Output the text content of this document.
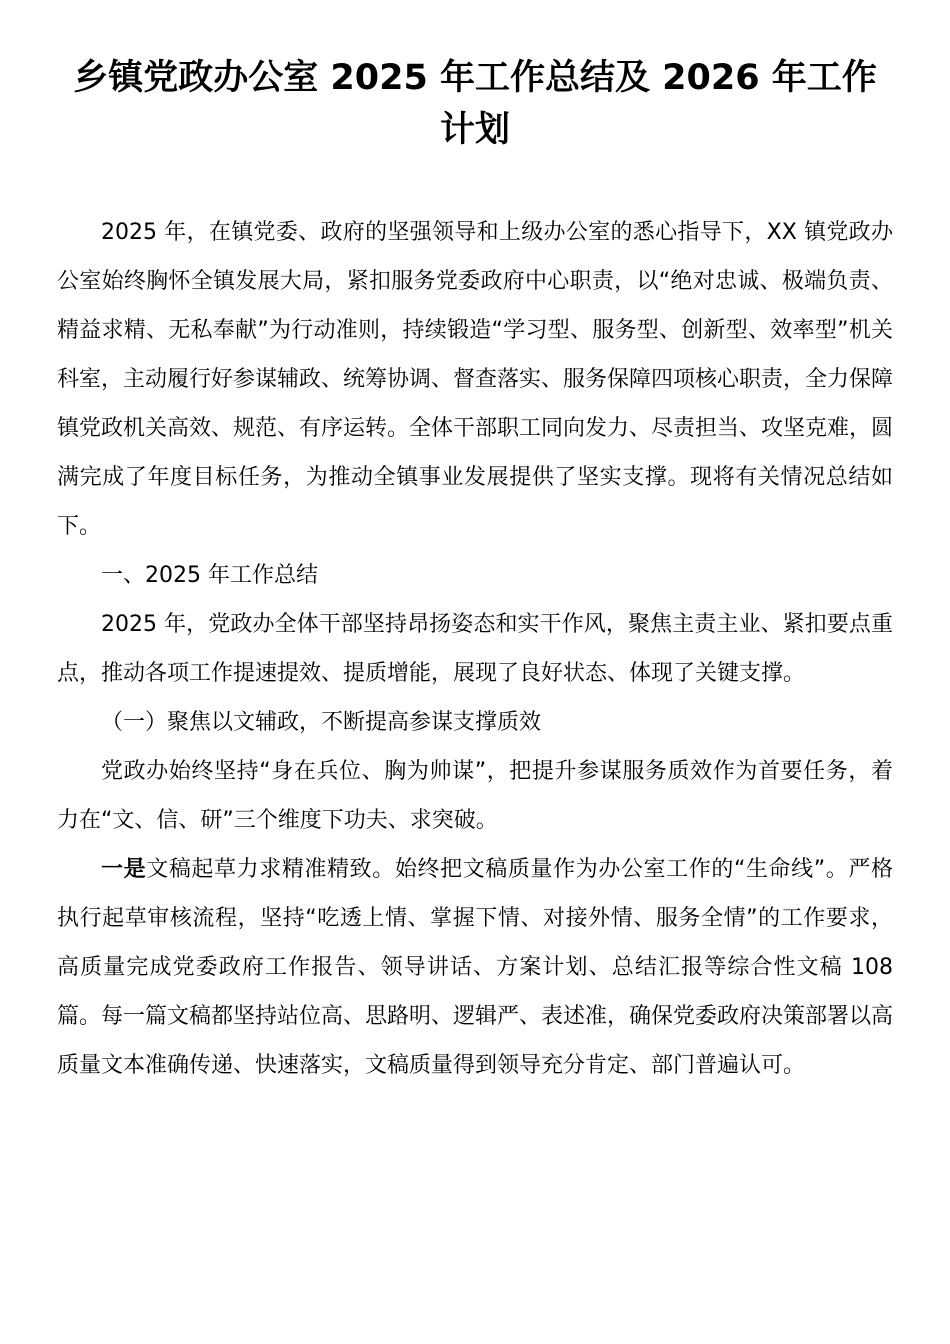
乡镇党政办公室 2025 年工作总结及 2026 年工作计划

2025 年，在镇党委、政府的坚强领导和上级办公室的悉心指导下，XX 镇党政办公室始终胸怀全镇发展大局，紧扣服务党委政府中心职责，以“绝对忠诚、极端负责、精益求精、无私奉献”为行动准则，持续锻造“学习型、服务型、创新型、效率型”机关科室，主动履行好参谋辅政、统筹协调、督查落实、服务保障四项核心职责，全力保障镇党政机关高效、规范、有序运转。全体干部职工同向发力、尽责担当、攻坚克难，圆满完成了年度目标任务，为推动全镇事业发展提供了坚实支撑。现将有关情况总结如下。

一、2025 年工作总结

2025 年，党政办全体干部坚持昂扬姿态和实干作风，聚焦主责主业、紧扣要点重点，推动各项工作提速提效、提质增能，展现了良好状态、体现了关键支撑。

（一）聚焦以文辅政，不断提高参谋支撑质效

党政办始终坚持“身在兵位、胸为帅谋”，把提升参谋服务质效作为首要任务，着力在“文、信、研”三个维度下功夫、求突破。

一是文稿起草力求精准精致。始终把文稿质量作为办公室工作的“生命线”。严格执行起草审核流程，坚持“吃透上情、掌握下情、对接外情、服务全情”的工作要求，高质量完成党委政府工作报告、领导讲话、方案计划、总结汇报等综合性文稿 108 篇。每一篇文稿都坚持站位高、思路明、逻辑严、表述准，确保党委政府决策部署以高质量文本准确传递、快速落实，文稿质量得到领导充分肯定、部门普遍认可。
